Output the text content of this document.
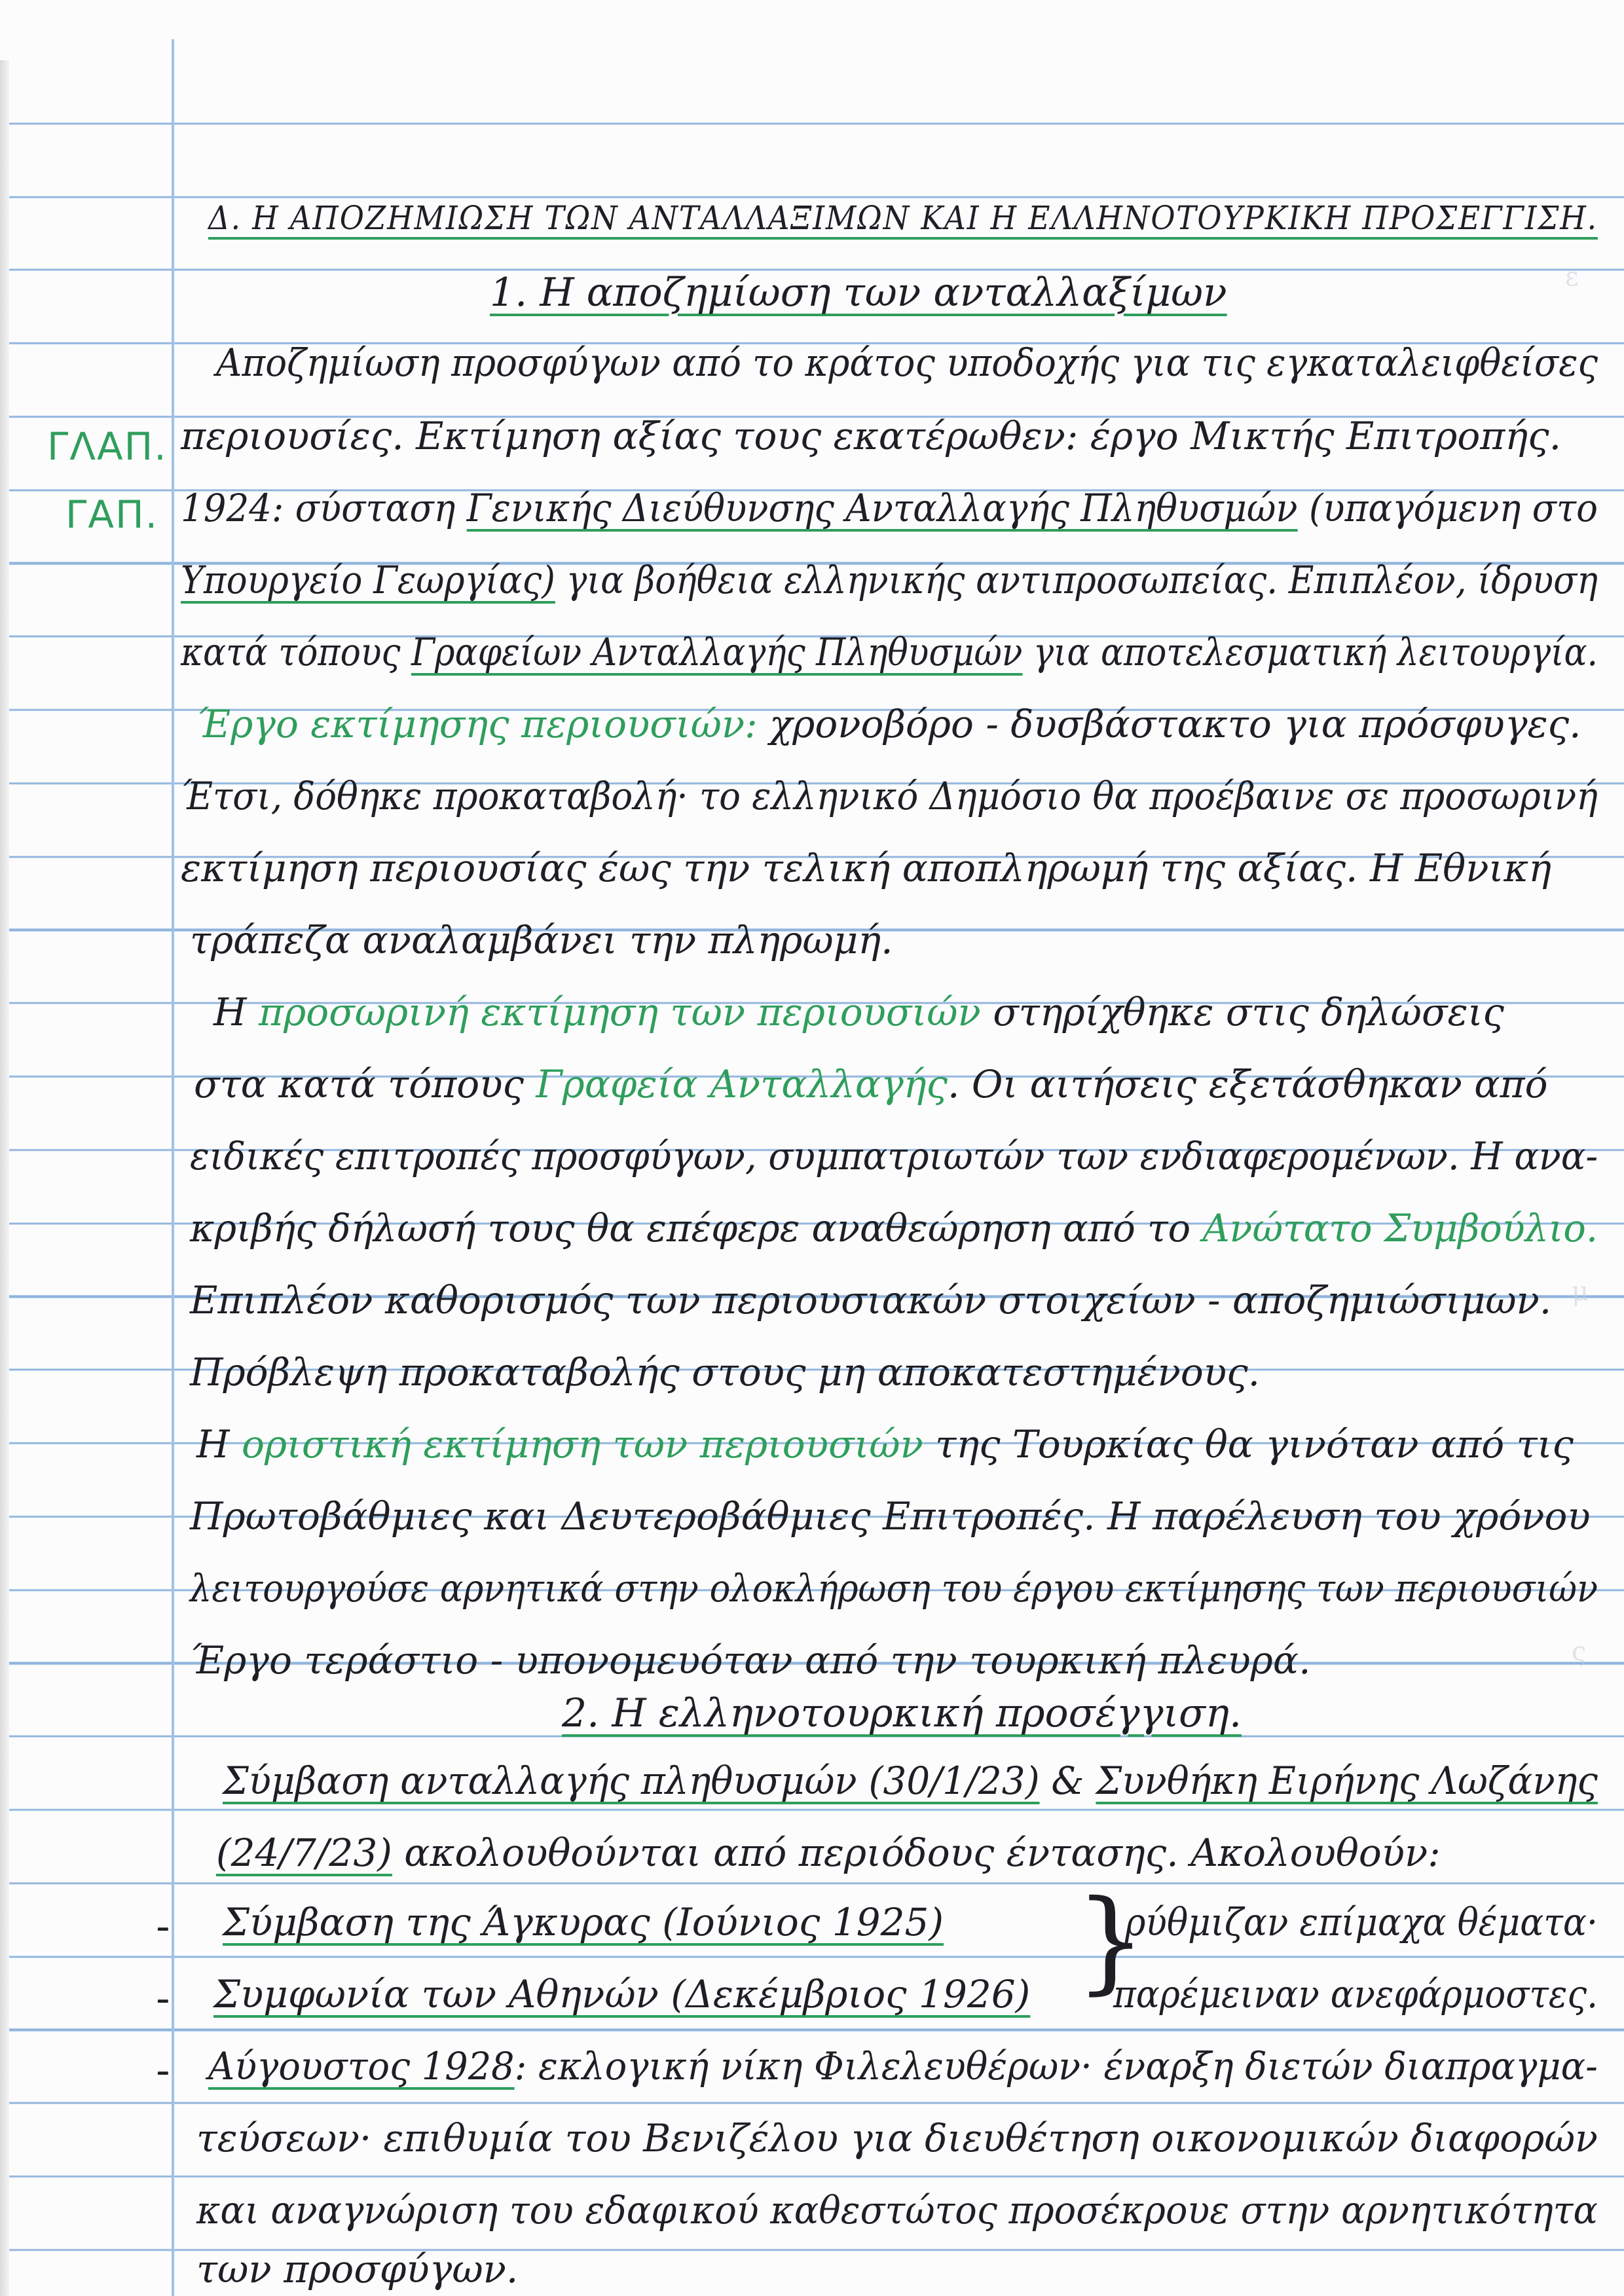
ε
μ
ς
Δ. Η ΑΠΟΖΗΜΙΩΣΗ ΤΩΝ ΑΝΤΑΛΛΑΞΙΜΩΝ ΚΑΙ Η ΕΛΛΗΝΟΤΟΥΡΚΙΚΗ ΠΡΟΣΕΓΓΙΣΗ.
1. Η αποζημίωση των ανταλλαξίμων
ΓΛΑΠ.
ΓΑΠ.
Αποζημίωση προσφύγων από το κράτος υποδοχής για τις εγκαταλειφθείσες
περιουσίες. Εκτίμηση αξίας τους εκατέρωθεν: έργο Μικτής Επιτροπής.
1924: σύσταση Γενικής Διεύθυνσης Ανταλλαγής Πληθυσμών (υπαγόμενη στο
Υπουργείο Γεωργίας) για βοήθεια ελληνικής αντιπροσωπείας. Επιπλέον, ίδρυση
κατά τόπους Γραφείων Ανταλλαγής Πληθυσμών για αποτελεσματική λειτουργία.
Έργο εκτίμησης περιουσιών: χρονοβόρο - δυσβάστακτο για πρόσφυγες.
Έτσι, δόθηκε προκαταβολή· το ελληνικό Δημόσιο θα προέβαινε σε προσωρινή
εκτίμηση περιουσίας έως την τελική αποπληρωμή της αξίας. Η Εθνική
τράπεζα αναλαμβάνει την πληρωμή.
Η προσωρινή εκτίμηση των περιουσιών στηρίχθηκε στις δηλώσεις
στα κατά τόπους Γραφεία Ανταλλαγής. Οι αιτήσεις εξετάσθηκαν από
ειδικές επιτροπές προσφύγων, συμπατριωτών των ενδιαφερομένων. Η ανα-
κριβής δήλωσή τους θα επέφερε αναθεώρηση από το Ανώτατο Συμβούλιο.
Επιπλέον καθορισμός των περιουσιακών στοιχείων - αποζημιώσιμων.
Πρόβλεψη προκαταβολής στους μη αποκατεστημένους.
Η οριστική εκτίμηση των περιουσιών της Τουρκίας θα γινόταν από τις
Πρωτοβάθμιες και Δευτεροβάθμιες Επιτροπές. Η παρέλευση του χρόνου
λειτουργούσε αρνητικά στην ολοκλήρωση του έργου εκτίμησης των περιουσιών
Έργο τεράστιο - υπονομευόταν από την τουρκική πλευρά.
2. Η ελληνοτουρκική προσέγγιση.
Σύμβαση ανταλλαγής πληθυσμών (30/1/23) & Συνθήκη Ειρήνης Λωζάνης
(24/7/23) ακολουθούνται από περιόδους έντασης. Ακολουθούν:
- Σύμβαση της Άγκυρας (Ιούνιος 1925)
- Συμφωνία των Αθηνών (Δεκέμβριος 1926) }
ρύθμιζαν επίμαχα θέματα·
παρέμειναν ανεφάρμοστες.
- Αύγουστος 1928: εκλογική νίκη Φιλελευθέρων· έναρξη διετών διαπραγμα-
τεύσεων· επιθυμία του Βενιζέλου για διευθέτηση οικονομικών διαφορών
και αναγνώριση του εδαφικού καθεστώτος προσέκρουε στην αρνητικότητα
των προσφύγων.
